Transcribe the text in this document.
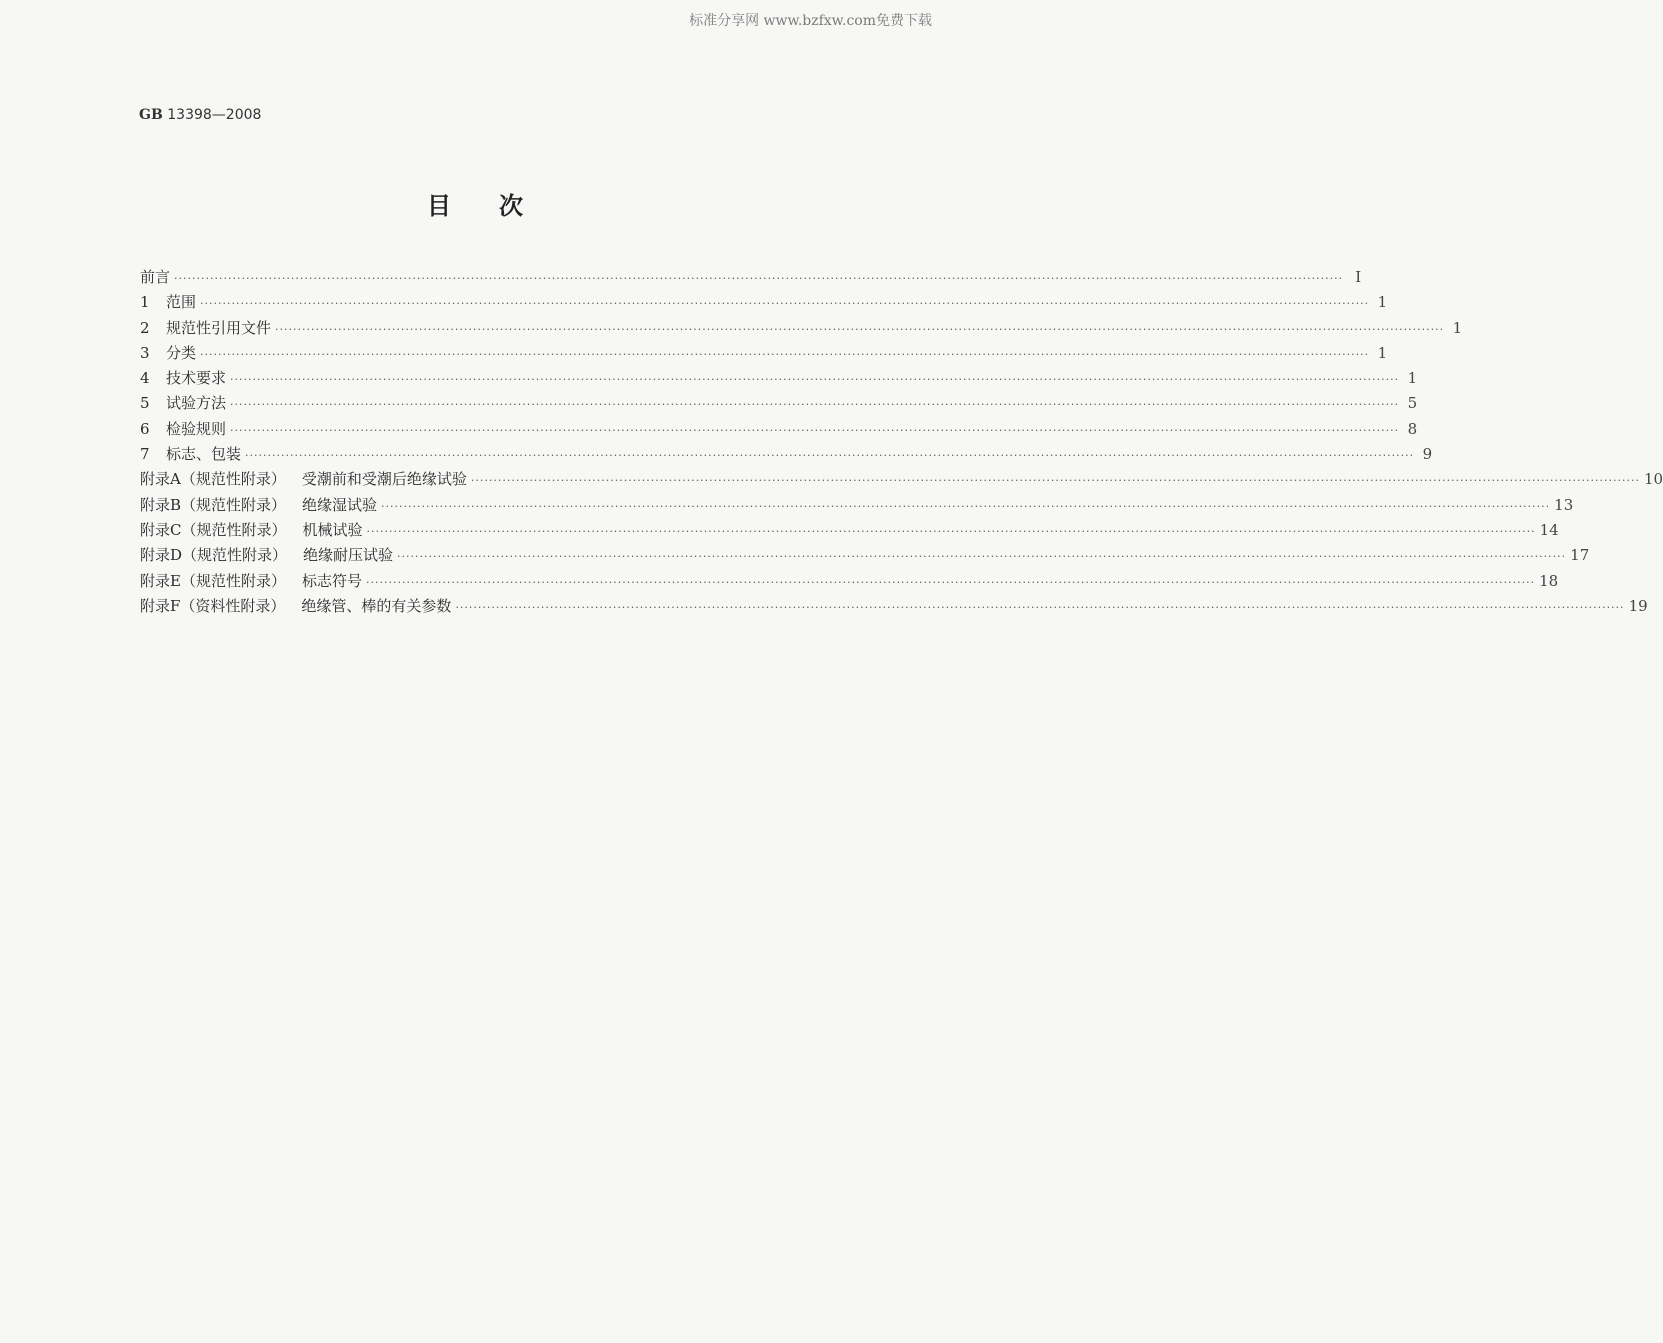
标准分享网 www.bzfxw.com免费下载
GB 13398—2008
目次
前言 ···································································································································································································································································· Ⅰ
1	范围 ···································································································································································································································································· 1
2	规范性引用文件 ···································································································································································································································································· 1
3	分类 ···································································································································································································································································· 1
4	技术要求 ···································································································································································································································································· 1
5	试验方法 ···································································································································································································································································· 5
6	检验规则 ···································································································································································································································································· 8
7	标志、包装 ···································································································································································································································································· 9
附录A（规范性附录） 受潮前和受潮后绝缘试验 ···································································································································································································································································· 10
附录B（规范性附录） 绝缘湿试验 ···································································································································································································································································· 13
附录C（规范性附录） 机械试验 ···································································································································································································································································· 14
附录D（规范性附录） 绝缘耐压试验 ···································································································································································································································································· 17
附录E（规范性附录） 标志符号 ···································································································································································································································································· 18
附录F（资料性附录） 绝缘管、棒的有关参数 ···································································································································································································································································· 19
